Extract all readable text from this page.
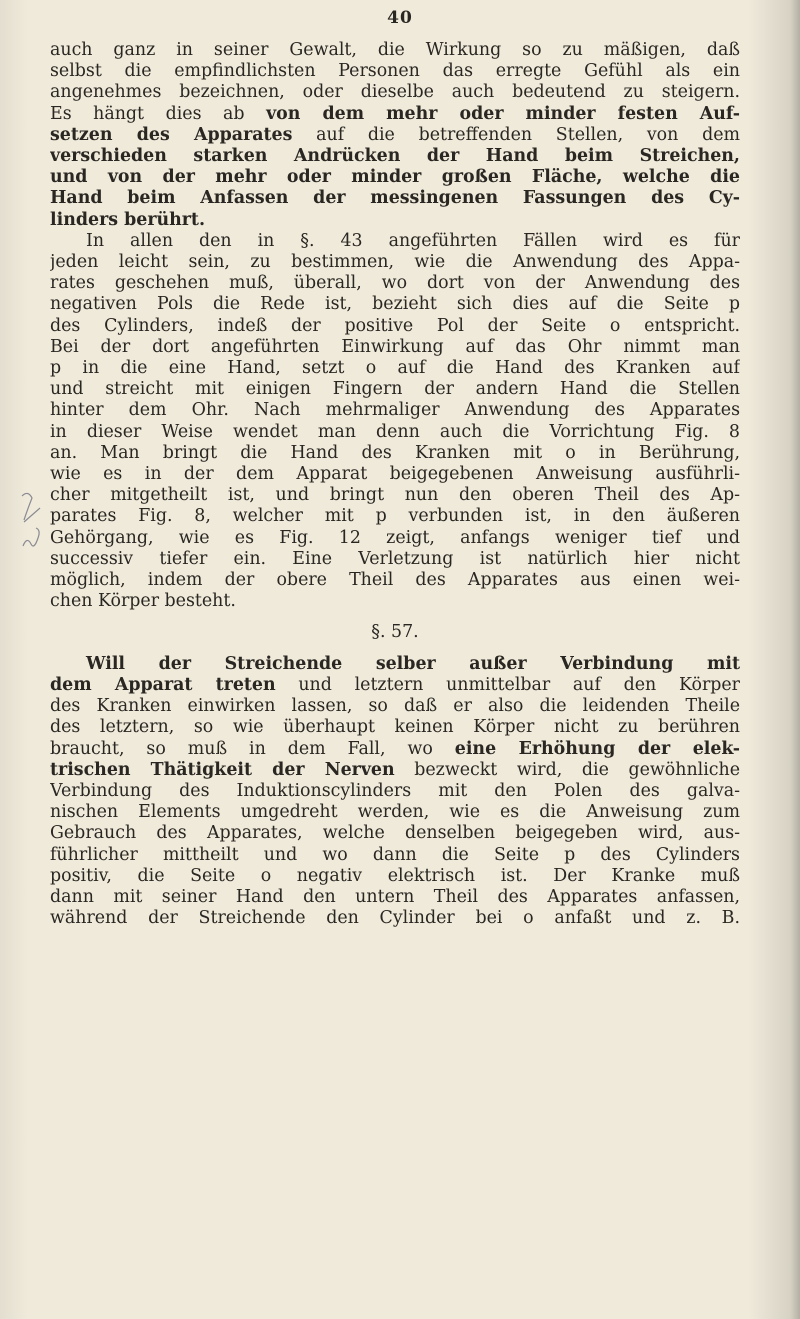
40
auch ganz in seiner Gewalt, die Wirkung so zu mäßigen, daß
selbst die empfindlichsten Personen das erregte Gefühl als ein
angenehmes bezeichnen, oder dieselbe auch bedeutend zu steigern.
Es hängt dies ab von dem mehr oder minder festen Auf-
setzen des Apparates auf die betreffenden Stellen, von dem
verschieden starken Andrücken der Hand beim Streichen,
und von der mehr oder minder großen Fläche, welche die
Hand beim Anfassen der messingenen Fassungen des Cy-
linders berührt.
In allen den in §. 43 angeführten Fällen wird es für
jeden leicht sein, zu bestimmen, wie die Anwendung des Appa-
rates geschehen muß, überall, wo dort von der Anwendung des
negativen Pols die Rede ist, bezieht sich dies auf die Seite p
des Cylinders, indeß der positive Pol der Seite o entspricht.
Bei der dort angeführten Einwirkung auf das Ohr nimmt man
p in die eine Hand, setzt o auf die Hand des Kranken auf
und streicht mit einigen Fingern der andern Hand die Stellen
hinter dem Ohr. Nach mehrmaliger Anwendung des Apparates
in dieser Weise wendet man denn auch die Vorrichtung Fig. 8
an. Man bringt die Hand des Kranken mit o in Berührung,
wie es in der dem Apparat beigegebenen Anweisung ausführli-
cher mitgetheilt ist, und bringt nun den oberen Theil des Ap-
parates Fig. 8, welcher mit p verbunden ist, in den äußeren
Gehörgang, wie es Fig. 12 zeigt, anfangs weniger tief und
successiv tiefer ein. Eine Verletzung ist natürlich hier nicht
möglich, indem der obere Theil des Apparates aus einen wei-
chen Körper besteht.
§. 57.
Will der Streichende selber außer Verbindung mit
dem Apparat treten und letztern unmittelbar auf den Körper
des Kranken einwirken lassen, so daß er also die leidenden Theile
des letztern, so wie überhaupt keinen Körper nicht zu berühren
braucht, so muß in dem Fall, wo eine Erhöhung der elek-
trischen Thätigkeit der Nerven bezweckt wird, die gewöhnliche
Verbindung des Induktionscylinders mit den Polen des galva-
nischen Elements umgedreht werden, wie es die Anweisung zum
Gebrauch des Apparates, welche denselben beigegeben wird, aus-
führlicher mittheilt und wo dann die Seite p des Cylinders
positiv, die Seite o negativ elektrisch ist. Der Kranke muß
dann mit seiner Hand den untern Theil des Apparates anfassen,
während der Streichende den Cylinder bei o anfaßt und z. B.
